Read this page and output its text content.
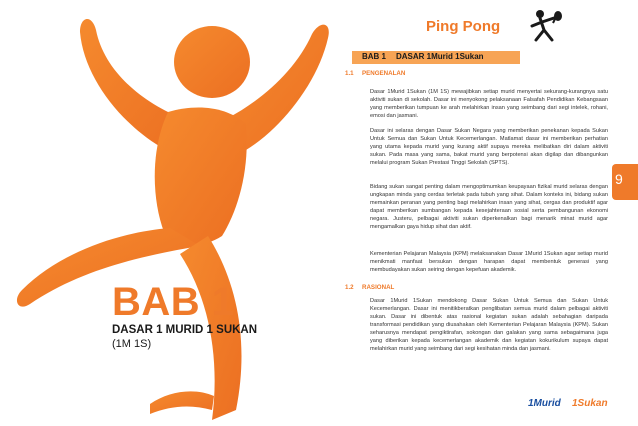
BAB 1
DASAR 1 MURID 1 SUKAN
(1M 1S)
Ping Pong
BAB 1 DASAR 1Murid 1Sukan
1.1 PENGENALAN
Dasar 1Murid 1Sukan (1M 1S) mewajibkan setiap murid menyertai sekurang-kurangnya satu aktiviti sukan di sekolah. Dasar ini menyokong pelaksanaan Falsafah Pendidikan Kebangsaan yang memberikan tumpuan ke arah melahirkan insan yang seimbang dari segi intelek, rohani, emosi dan jasmani.
Dasar ini selaras dengan Dasar Sukan Negara yang memberikan penekanan kepada Sukan Untuk Semua dan Sukan Untuk Kecemerlangan. Matlamat dasar ini memberikan perhatian yang utama kepada murid yang kurang aktif supaya mereka melibatkan diri dalam aktiviti sukan. Pada masa yang sama, bakat murid yang berpotensi akan digilap dan dibangunkan melalui program Sukan Prestasi Tinggi Sekolah (SPTS).
Bidang sukan sangat penting dalam mengoptimumkan keupayaan fizikal murid selaras dengan ungkapan minda yang cerdas terletak pada tubuh yang sihat. Dalam konteks ini, bidang sukan memainkan peranan yang penting bagi melahirkan insan yang sihat, cergas dan produktif agar dapat memberikan sumbangan kepada kesejahteraan sosial serta pembangunan ekonomi negara. Justeru, pelbagai aktiviti sukan diperkenalkan bagi menarik minat murid agar mengamalkan gaya hidup sihat dan aktif.
Kementerian Pelajaran Malaysia (KPM) melaksanakan Dasar 1Murid 1Sukan agar setiap murid menikmati manfaat bersukan dengan harapan dapat membentuk generasi yang membudayakan sukan seiring dengan kepefuan akademik.
1.2 RASIONAL
Dasar 1Murid 1Sukan mendokong Dasar Sukan Untuk Semua dan Sukan Untuk Kecemerlangan. Dasar ini menitikberatkan penglibatan semua murid dalam pelbagai aktiviti sukan. Dasar ini dibentuk atas rasional kegiatan sukan adalah sebahagian daripada transformasi pendidikan yang diusahakan oleh Kementerian Pelajaran Malaysia (KPM). Sukan seharusnya mendapat pengiktirafan, sokongan dan galakan yang sama sebagaimana juga yang diberikan kepada kecemerlangan akademik dan kegiatan kokurikulum supaya dapat melahirkan murid yang seimbang dari segi kesihatan minda dan jasmani.
9
1Murid 1Sukan
